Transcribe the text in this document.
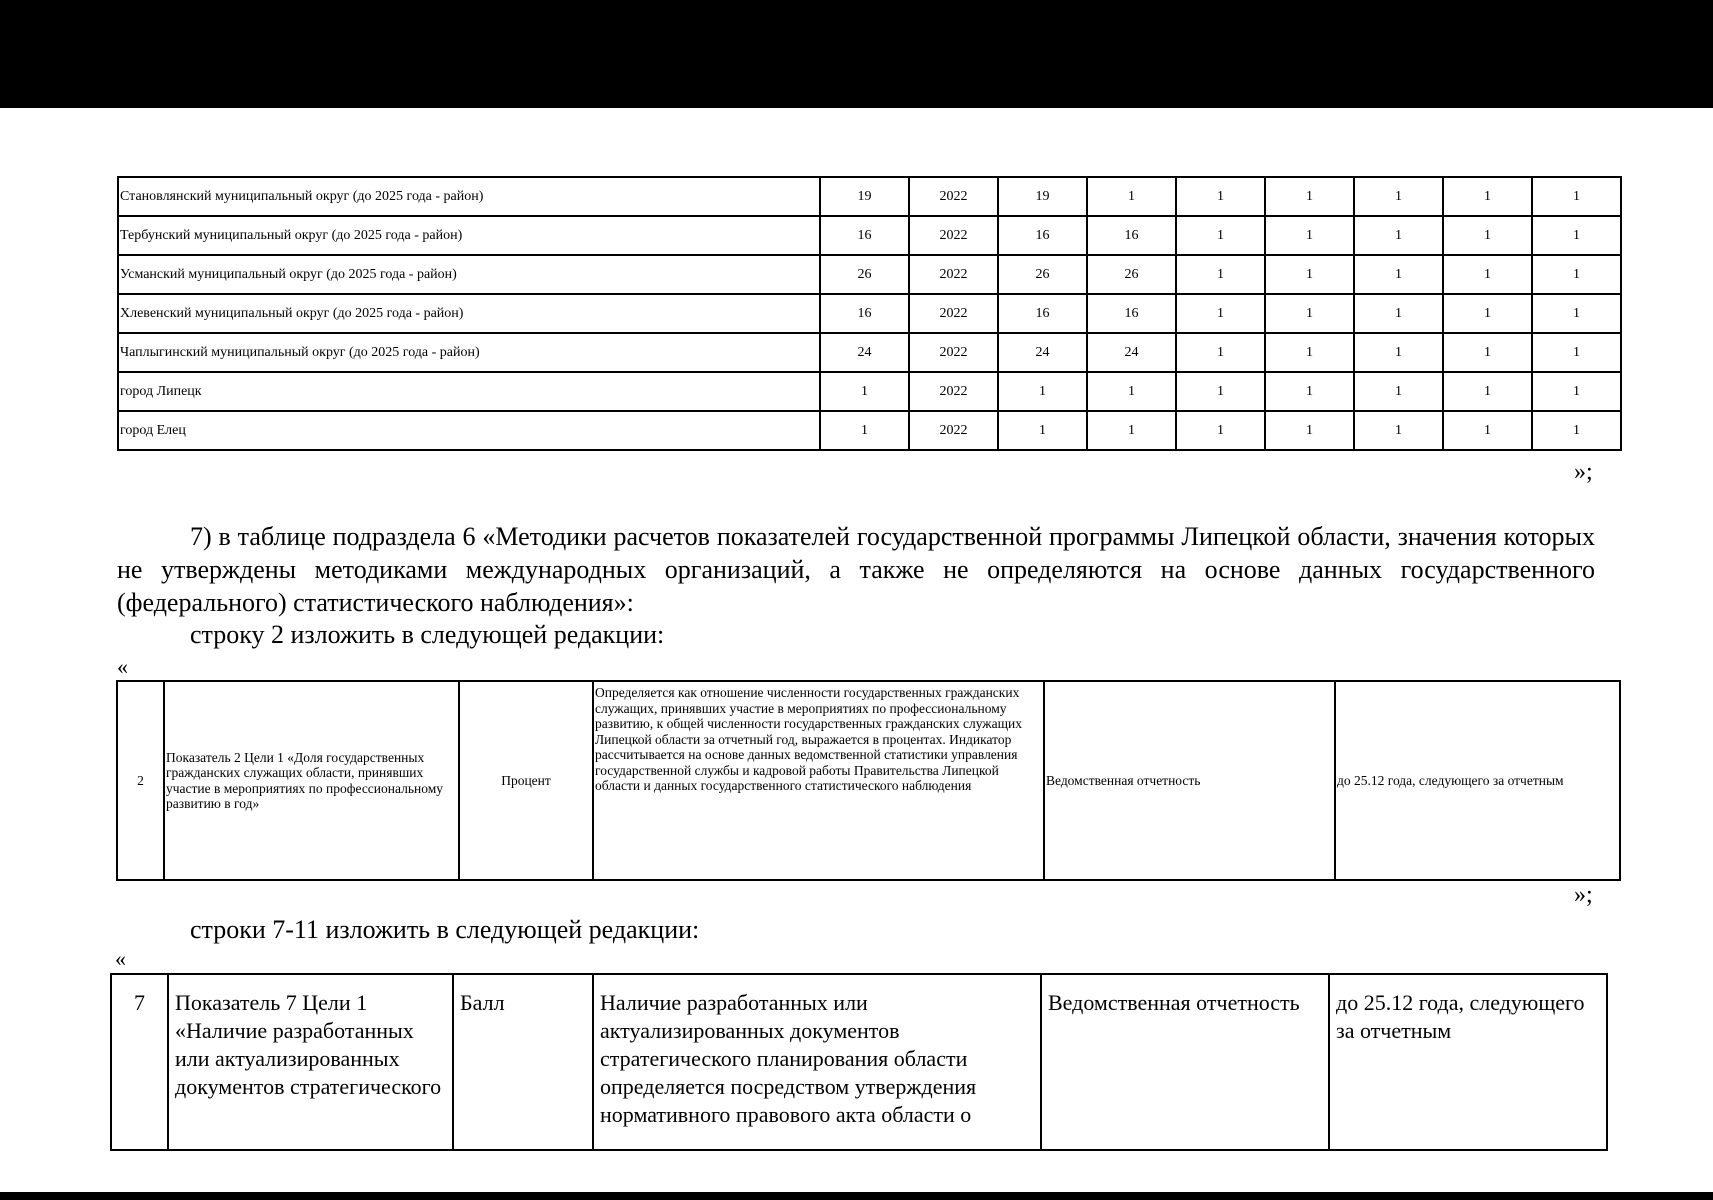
Становлянский муниципальный округ (до 2025 года - район)	19	2022	19	1	1	1	1	1	1
Тербунский муниципальный округ (до 2025 года - район)	16	2022	16	16	1	1	1	1	1
Усманский муниципальный округ (до 2025 года - район)	26	2022	26	26	1	1	1	1	1
Хлевенский муниципальный округ (до 2025 года - район)	16	2022	16	16	1	1	1	1	1
Чаплыгинский муниципальный округ (до 2025 года - район)	24	2022	24	24	1	1	1	1	1
город Липецк	1	2022	1	1	1	1	1	1	1
город Елец	1	2022	1	1	1	1	1	1	1
»;
7) в таблице подраздела 6 «Методики расчетов показателей государственной программы Липецкой области, значения которых не утверждены методиками международных организаций, а также не определяются на основе данных государственного (федерального) статистического наблюдения»:
строку 2 изложить в следующей редакции:
«
2	Показатель 2 Цели 1 «Доля государственных гражданских служащих области, принявших участие в мероприятиях по профессиональному развитию в год»	Процент	Определяется как отношение численности государственных гражданских служащих, принявших участие в мероприятиях по профессиональному развитию, к общей численности государственных гражданских служащих Липецкой области за отчетный год, выражается в процентах. Индикатор рассчитывается на основе данных ведомственной статистики управления государственной службы и кадровой работы Правительства Липецкой области и данных государственного статистического наблюдения	Ведомственная отчетность	до 25.12 года, следующего за отчетным
»;
строки 7-11 изложить в следующей редакции:
«
7	Показатель 7 Цели 1 «Наличие разработанных или актуализированных документов стратегического	Балл	Наличие разработанных или актуализированных документов стратегического планирования области определяется посредством утверждения нормативного правового акта области о	Ведомственная отчетность	до 25.12 года, следующего за отчетным
